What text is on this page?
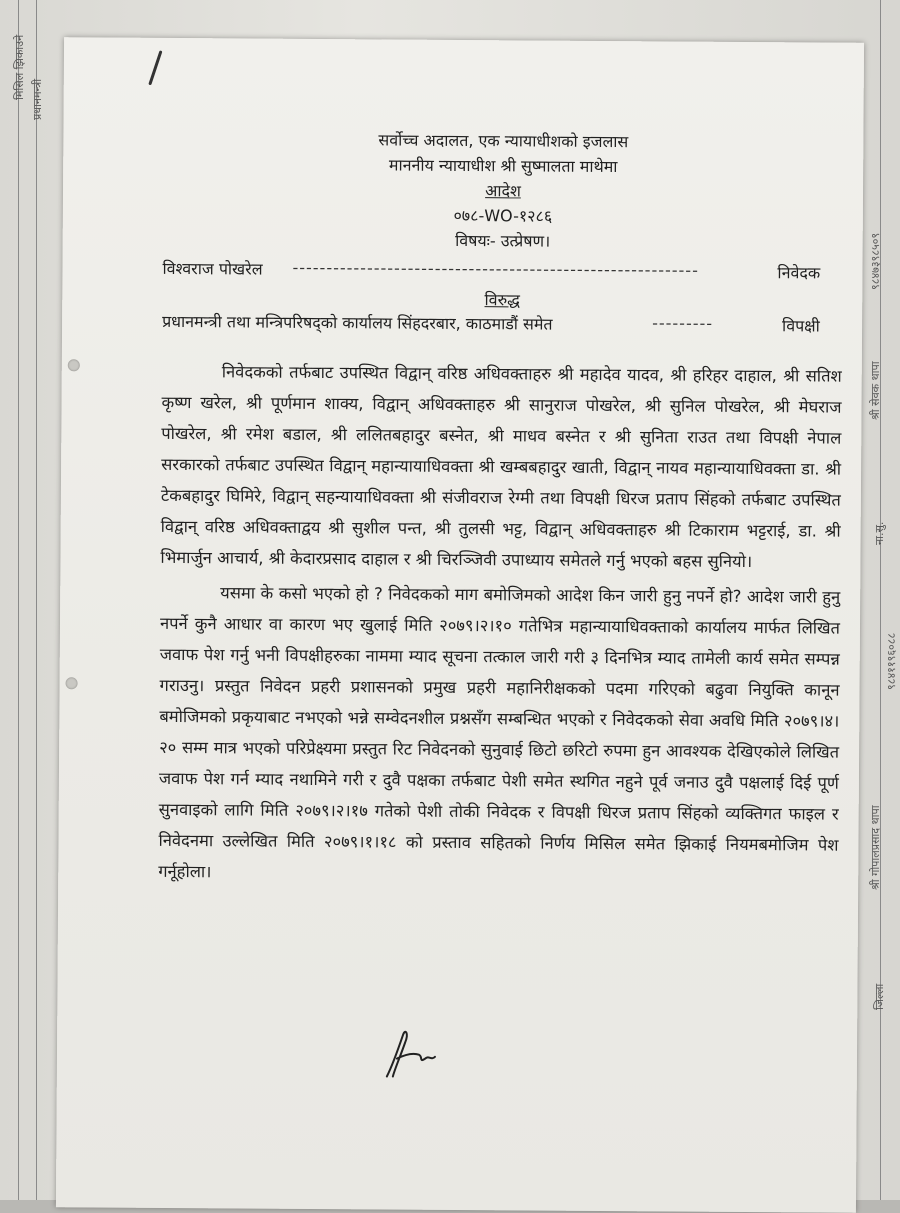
मिसिल झिकाउने प्रधानमन्त्री
९८४७३९८५०९
श्री सेवक थापा
ना.सु.
९८४११९६०८८
श्री गोपालप्रसाद थापा
जिल्ला
सर्वोच्च अदालत, एक न्यायाधीशको इजलास
माननीय न्यायाधीश श्री सुष्मालता माथेमा
आदेश
०७८-WO-१२८६
विषयः- उत्प्रेषण।
विश्वराज पोखरेल ------------------------------------------------------------	निवेदक
विरुद्ध
प्रधानमन्त्री तथा मन्त्रिपरिषद्को कार्यालय सिंहदरबार, काठमाडौं समेत	---------	विपक्षी

निवेदकको तर्फबाट उपस्थित विद्वान् वरिष्ठ अधिवक्ताहरु श्री महादेव यादव, श्री हरिहर दाहाल, श्री सतिश कृष्ण खरेल, श्री पूर्णमान शाक्य, विद्वान् अधिवक्ताहरु श्री सानुराज पोखरेल, श्री सुनिल पोखरेल, श्री मेघराज पोखरेल, श्री रमेश बडाल, श्री ललितबहादुर बस्नेत, श्री माधव बस्नेत र श्री सुनिता राउत तथा विपक्षी नेपाल सरकारको तर्फबाट उपस्थित विद्वान् महान्यायाधिवक्ता श्री खम्बबहादुर खाती, विद्वान् नायव महान्यायाधिवक्ता डा. श्री टेकबहादुर घिमिरे, विद्वान् सहन्यायाधिवक्ता श्री संजीवराज रेग्मी तथा विपक्षी धिरज प्रताप सिंहको तर्फबाट उपस्थित विद्वान् वरिष्ठ अधिवक्ताद्वय श्री सुशील पन्त, श्री तुलसी भट्ट, विद्वान् अधिवक्ताहरु श्री टिकाराम भट्टराई, डा. श्री भिमार्जुन आचार्य, श्री केदारप्रसाद दाहाल र श्री चिरञ्जिवी उपाध्याय समेतले गर्नु भएको बहस सुनियो।

यसमा के कसो भएको हो ? निवेदकको माग बमोजिमको आदेश किन जारी हुनु नपर्ने हो? आदेश जारी हुनु नपर्ने कुनै आधार वा कारण भए खुलाई मिति २०७९।२।१० गतेभित्र महान्यायाधिवक्ताको कार्यालय मार्फत लिखित जवाफ पेश गर्नु भनी विपक्षीहरुका नाममा म्याद सूचना तत्काल जारी गरी ३ दिनभित्र म्याद तामेली कार्य समेत सम्पन्न गराउनु। प्रस्तुत निवेदन प्रहरी प्रशासनको प्रमुख प्रहरी महानिरीक्षकको पदमा गरिएको बढुवा नियुक्ति कानून बमोजिमको प्रकृयाबाट नभएको भन्ने सम्वेदनशील प्रश्नसँग सम्बन्धित भएको र निवेदकको सेवा अवधि मिति २०७९।४।२० सम्म मात्र भएको परिप्रेक्ष्यमा प्रस्तुत रिट निवेदनको सुनुवाई छिटो छरिटो रुपमा हुन आवश्यक देखिएकोले लिखित जवाफ पेश गर्न म्याद नथामिने गरी र दुवै पक्षका तर्फबाट पेशी समेत स्थगित नहुने पूर्व जनाउ दुवै पक्षलाई दिई पूर्ण सुनवाइको लागि मिति २०७९।२।१७ गतेको पेशी तोकी निवेदक र विपक्षी धिरज प्रताप सिंहको व्यक्तिगत फाइल र निवेदनमा उल्लेखित मिति २०७९।१।१८ को प्रस्ताव सहितको निर्णय मिसिल समेत झिकाई नियमबमोजिम पेश गर्नूहोला।
